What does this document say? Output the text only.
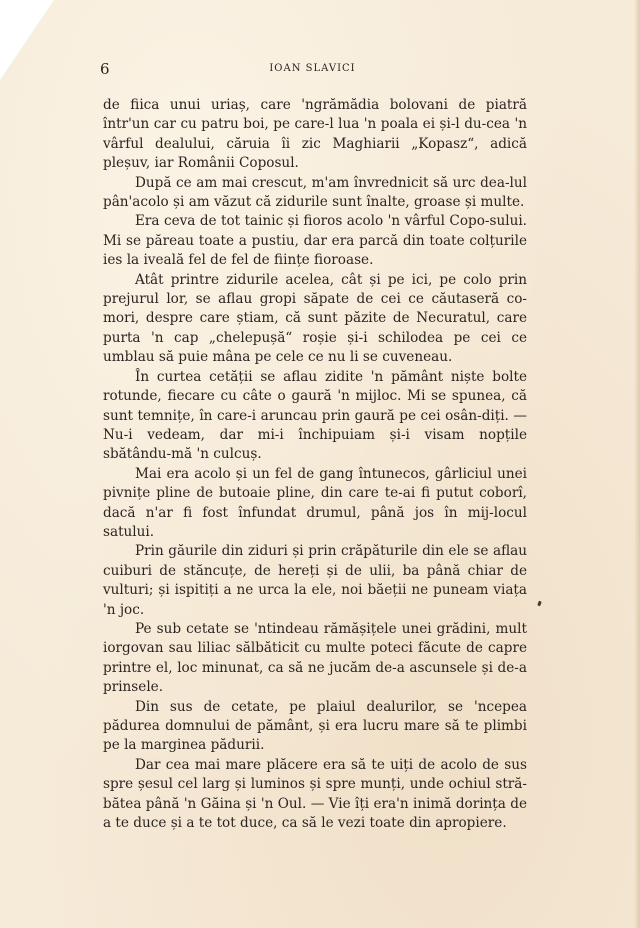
6	IOAN SLAVICI

de fiica unui uriaș, care 'ngrămădia bolovani de piatră într'un car cu patru boi, pe care-l lua 'n poala ei și-l du-cea 'n vârful dealului, căruia îi zic Maghiarii „Kopasz“, adică pleșuv, iar Românii Coposul.

După ce am mai crescut, m'am învrednicit să urc dea-lul pân'acolo și am văzut că zidurile sunt înalte, groase și multe.

Era ceva de tot tainic și fioros acolo 'n vârful Copo-sului. Mi se păreau toate a pustiu, dar era parcă din toate colțurile ies la iveală fel de fel de ființe fioroase.

Atât printre zidurile acelea, cât și pe ici, pe colo prin prejurul lor, se aflau gropi săpate de cei ce căutaseră co-mori, despre care știam, că sunt păzite de Necuratul, care purta 'n cap „chelepușă“ roșie și-i schilodea pe cei ce umblau să puie mâna pe cele ce nu li se cuveneau.

În curtea cetății se aflau zidite 'n pământ niște bolte rotunde, fiecare cu câte o gaură 'n mijloc. Mi se spunea, că sunt temnițe, în care-i aruncau prin gaură pe cei osân-diți. — Nu-i vedeam, dar mi-i închipuiam și-i visam nopțile sbătându-mă 'n culcuș.

Mai era acolo și un fel de gang întunecos, gârliciul unei pivnițe pline de butoaie pline, din care te-ai fi putut coborî, dacă n'ar fi fost înfundat drumul, până jos în mij-locul satului.

Prin găurile din ziduri și prin crăpăturile din ele se aflau cuiburi de stăncuțe, de hereți și de ulii, ba până chiar de vulturi; și ispitiți a ne urca la ele, noi băeții ne puneam viața 'n joc.

Pe sub cetate se 'ntindeau rămășițele unei grădini, mult iorgovan sau liliac sălbăticit cu multe poteci făcute de capre printre el, loc minunat, ca să ne jucăm de-a ascunsele și de-a prinsele.

Din sus de cetate, pe plaiul dealurilor, se 'ncepea pădurea domnului de pământ, și era lucru mare să te plimbi pe la marginea pădurii.

Dar cea mai mare plăcere era să te uiți de acolo de sus spre șesul cel larg și luminos și spre munți, unde ochiul stră-bătea până 'n Găina și 'n Oul. — Vie îți era'n inimă dorința de a te duce și a te tot duce, ca să le vezi toate din apropiere.
